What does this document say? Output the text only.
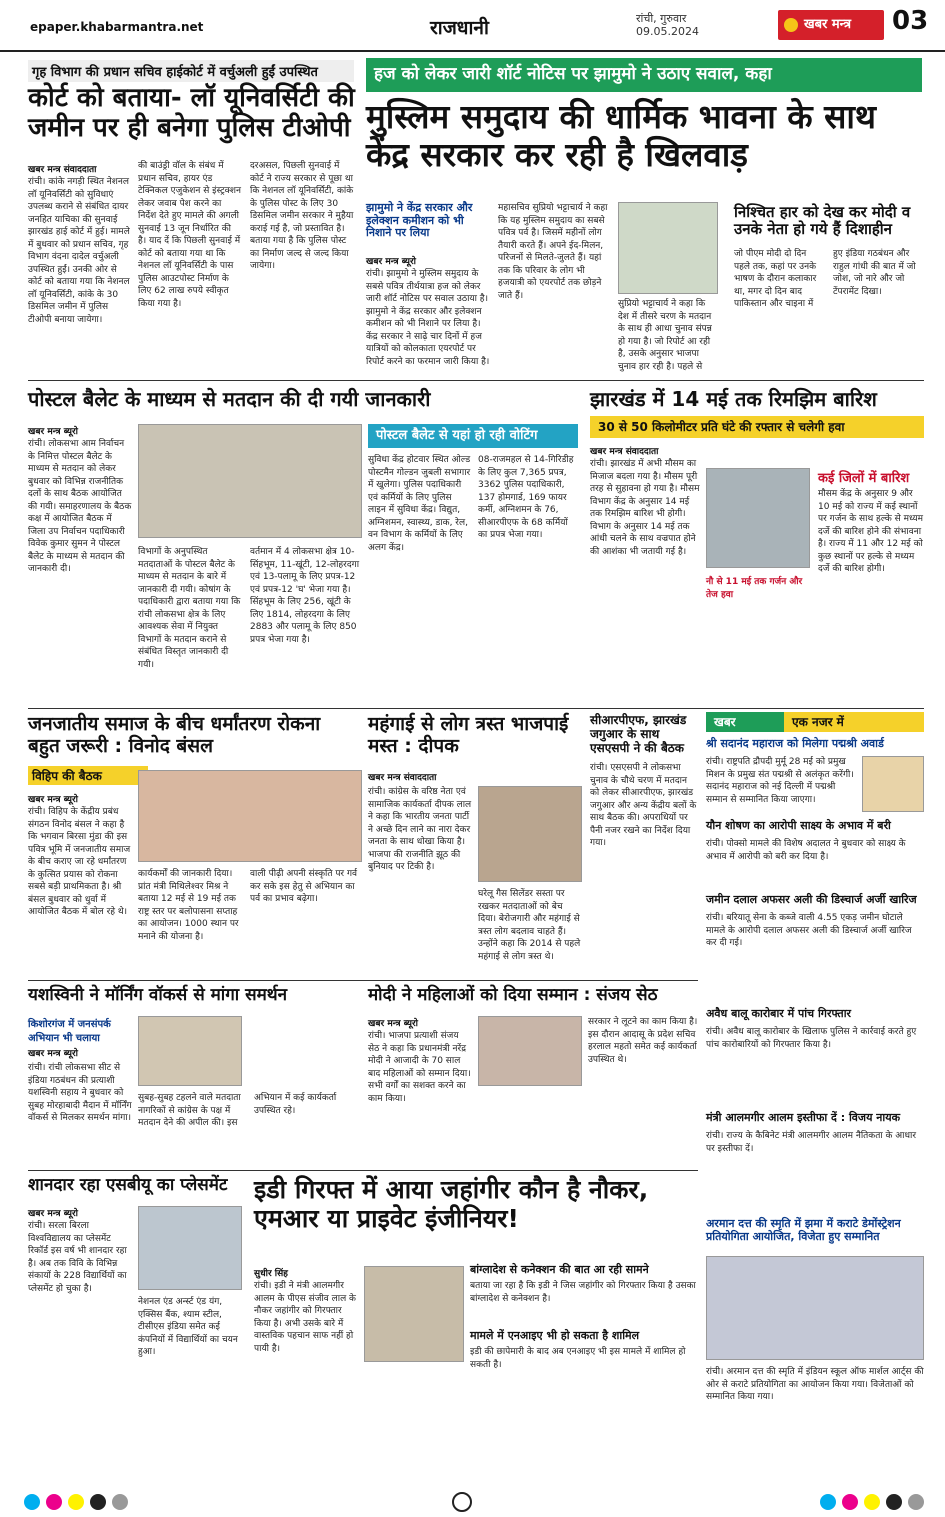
epaper.khabarmantra.net	राजधानी	रांची, गुरुवार
09.05.2024	खबर मन्त्र	03
गृह विभाग की प्रधान सचिव हाईकोर्ट में वर्चुअली हुईं उपस्थित
कोर्ट को बताया- लॉ यूनिवर्सिटी की जमीन पर ही बनेगा पुलिस टीओपी
खबर मन्त्र संवाददाता
रांची। कांके नगड़ी स्थित नेशनल लॉ यूनिवर्सिटी को सुविधाएं उपलब्ध कराने से संबंधित दायर जनहित याचिका की सुनवाई झारखंड हाई कोर्ट में हुई। मामले में बुधवार को प्रधान सचिव, गृह विभाग वंदना दादेल वर्चुअली उपस्थित हुईं। उनकी ओर से कोर्ट को बताया गया कि नेशनल लॉ यूनिवर्सिटी, कांके के 30 डिसमिल जमीन में पुलिस टीओपी बनाया जायेगा।
की बाउंड्री वॉल के संबंध में प्रधान सचिव, हायर एंड टेक्निकल एजुकेशन से इंस्ट्रक्शन लेकर जवाब पेश करने का निर्देश देते हुए मामले की अगली सुनवाई 13 जून निर्धारित की है। याद दें कि पिछली सुनवाई में कोर्ट को बताया गया था कि नेशनल लॉ यूनिवर्सिटी के पास पुलिस आउटपोस्ट निर्माण के लिए 62 लाख रुपये स्वीकृत किया गया है।
दरअसल, पिछली सुनवाई में कोर्ट ने राज्य सरकार से पूछा था कि नेशनल लॉ यूनिवर्सिटी, कांके के पुलिस पोस्ट के लिए 30 डिसमिल जमीन सरकार ने मुहैया कराई गई है, जो प्रस्तावित है। बताया गया है कि पुलिस पोस्ट का निर्माण जल्द से जल्द किया जायेगा।
हज को लेकर जारी शॉर्ट नोटिस पर झामुमो ने उठाए सवाल, कहा
मुस्लिम समुदाय की धार्मिक भावना के साथ केंद्र सरकार कर रही है खिलवाड़
झामुमो ने केंद्र सरकार और इलेक्शन कमीशन को भी निशाने पर लिया
खबर मन्त्र ब्यूरो
रांची। झामुमो ने मुस्लिम समुदाय के सबसे पवित्र तीर्थयात्रा हज को लेकर जारी शॉर्ट नोटिस पर सवाल उठाया है। झामुमो ने केंद्र सरकार और इलेक्शन कमीशन को भी निशाने पर लिया है। केंद्र सरकार ने साढ़े चार दिनों में हज यात्रियों को कोलकाता एयरपोर्ट पर रिपोर्ट करने का फरमान जारी किया है।
महासचिव सुप्रियो भट्टाचार्य ने कहा कि यह मुस्लिम समुदाय का सबसे पवित्र पर्व है। जिसमें महीनों लोग तैयारी करते हैं। अपने ईद-मिलन, परिजनों से मिलते-जुलते हैं। यहां तक कि परिवार के लोग भी हजयात्री को एयरपोर्ट तक छोड़ने जाते हैं।
निश्चित हार को देख कर मोदी व उनके नेता हो गये हैं दिशाहीन
सुप्रियो भट्टाचार्य ने कहा कि देश में तीसरे चरण के मतदान के साथ ही आधा चुनाव संपन्न हो गया है। जो रिपोर्ट आ रही है, उसके अनुसार भाजपा चुनाव हार रही है। पहले से
जो पीएम मोदी दो दिन पहले तक, कहां पर उनके भाषण के दौरान कलाकार था, मगर दो दिन बाद पाकिस्तान और चाइना में हुए इंडिया गठबंधन और राहुल गांधी की बात में जो जोश, जो नारे और जो टेंपरामेंट दिखा।
पोस्टल बैलेट के माध्यम से मतदान की दी गयी जानकारी
खबर मन्त्र ब्यूरो
रांची। लोकसभा आम निर्वाचन के निमित्त पोस्टल बैलेट के माध्यम से मतदान को लेकर बुधवार को विभिन्न राजनीतिक दलों के साथ बैठक आयोजित की गयी। समाहरणालय के बैठक कक्ष में आयोजित बैठक में जिला उप निर्वाचन पदाधिकारी विवेक कुमार सुमन ने पोस्टल बैलेट के माध्यम से मतदान की जानकारी दी।
विभागों के अनुपस्थित मतदाताओं के पोस्टल बैलेट के माध्यम से मतदान के बारे में जानकारी दी गयी। कोषांग के पदाधिकारी द्वारा बताया गया कि रांची लोकसभा क्षेत्र के लिए आवश्यक सेवा में नियुक्त विभागों के मतदान कराने से संबंधित विस्तृत जानकारी दी गयी।
वर्तमान में 4 लोकसभा क्षेत्र 10-सिंहभूम, 11-खूंटी, 12-लोहरदगा एवं 13-पलामू के लिए प्रपत्र-12 एवं प्रपत्र-12 'घ' भेजा गया है। सिंहभूम के लिए 256, खूंटी के लिए 1814, लोहरदगा के लिए 2883 और पलामू के लिए 850 प्रपत्र भेजा गया है।
पोस्टल बैलेट से यहां हो रही वोटिंग
सुविधा केंद्र होटवार स्थित ओल्ड पोस्टमैन गोल्डन जुबली सभागार में खुलेगा। पुलिस पदाधिकारी एवं कर्मियों के लिए पुलिस लाइन में सुविधा केंद्र। विद्युत, अग्निशमन, स्वास्थ्य, डाक, रेल, वन विभाग के कर्मियों के लिए अलग केंद्र।
08-राजमहल से 14-गिरिडीह के लिए कुल 7,365 प्रपत्र, 3362 पुलिस पदाधिकारी, 137 होमगार्ड, 169 फायर कर्मी, अग्निशमन के 76, सीआरपीएफ के 68 कर्मियों का प्रपत्र भेजा गया।
झारखंड में 14 मई तक रिमझिम बारिश
30 से 50 किलोमीटर प्रति घंटे की रफ्तार से चलेगी हवा
खबर मन्त्र संवाददाता
रांची। झारखंड में अभी मौसम का मिजाज बदला गया है। मौसम पूरी तरह से सुहावना हो गया है। मौसम विभाग केंद्र के अनुसार 14 मई तक रिमझिम बारिश भी होगी। विभाग के अनुसार 14 मई तक आंधी चलने के साथ वज्रपात होने की आशंका भी जतायी गई है।
कई जिलों में बारिश
मौसम केंद्र के अनुसार 9 और 10 मई को राज्य में कई स्थानों पर गर्जन के साथ हल्के से मध्यम दर्जे की बारिश होने की संभावना है। राज्य में 11 और 12 मई को कुछ स्थानों पर हल्के से मध्यम दर्जे की बारिश होगी।
नौ से 11 मई तक गर्जन और तेज हवा
जनजातीय समाज के बीच धर्मांतरण रोकना बहुत जरूरी : विनोद बंसल
विहिप की बैठक
खबर मन्त्र ब्यूरो
रांची। विहिप के केंद्रीय प्रबंध संगठन विनोद बंसल ने कहा है कि भगवान बिरसा मुंडा की इस पवित्र भूमि में जनजातीय समाज के बीच कराए जा रहे धर्मांतरण के कुत्सित प्रयास को रोकना सबसे बड़ी प्राथमिकता है। श्री बंसल बुधवार को धुर्वा में आयोजित बैठक में बोल रहे थे।
कार्यकर्मों की जानकारी दिया। प्रांत मंत्री मिथिलेश्वर मिश्र ने बताया 12 मई से 19 मई तक राष्ट्र स्तर पर बलोपासना सप्ताह का आयोजन। 1000 स्थान पर मनाने की योजना है।
वाली पीढ़ी अपनी संस्कृति पर गर्व कर सके इस हेतु से अभियान का पर्व का प्रभाव बढ़ेगा।
महंगाई से लोग त्रस्त भाजपाई मस्त : दीपक
खबर मन्त्र संवाददाता
रांची। कांग्रेस के वरिष्ठ नेता एवं सामाजिक कार्यकर्ता दीपक लाल ने कहा कि भारतीय जनता पार्टी ने अच्छे दिन लाने का नारा देकर जनता के साथ धोखा किया है। भाजपा की राजनीति झूठ की बुनियाद पर टिकी है।
घरेलू गैस सिलेंडर सस्ता पर रखकर मतदाताओं को बेच दिया। बेरोजगारी और महंगाई से त्रस्त लोग बदलाव चाहते हैं। उन्होंने कहा कि 2014 से पहले महंगाई से लोग त्रस्त थे।
सीआरपीएफ, झारखंड जगुआर के साथ एसएसपी ने की बैठक
रांची। एसएसपी ने लोकसभा चुनाव के चौथे चरण में मतदान को लेकर सीआरपीएफ, झारखंड जगुआर और अन्य केंद्रीय बलों के साथ बैठक की। अपराधियों पर पैनी नजर रखने का निर्देश दिया गया।
खबर	एक नजर में
श्री सदानंद महाराज को मिलेगा पद्मश्री अवार्ड
रांची। राष्ट्रपति द्रौपदी मुर्मू 28 मई को प्रमुख मिशन के प्रमुख संत पद्मश्री से अलंकृत करेंगी। सदानंद महाराज को नई दिल्ली में पद्मश्री सम्मान से सम्मानित किया जाएगा।
यौन शोषण का आरोपी साक्ष्य के अभाव में बरी
रांची। पोक्सो मामले की विशेष अदालत ने बुधवार को साक्ष्य के अभाव में आरोपी को बरी कर दिया है।
जमीन दलाल अफसर अली की डिस्चार्ज अर्जी खारिज
रांची। बरियातू सेना के कब्जे वाली 4.55 एकड़ जमीन घोटाले मामले के आरोपी दलाल अफसर अली की डिस्चार्ज अर्जी खारिज कर दी गई।
अवैध बालू कारोबार में पांच गिरफ्तार
रांची। अवैध बालू कारोबार के खिलाफ पुलिस ने कार्रवाई करते हुए पांच कारोबारियों को गिरफ्तार किया है।
मंत्री आलमगीर आलम इस्तीफा दें : विजय नायक
रांची। राज्य के कैबिनेट मंत्री आलमगीर आलम नैतिकता के आधार पर इस्तीफा दें।
अरमान दत्त की स्मृति में झमा में कराटे डेमोंस्ट्रेशन प्रतियोगिता आयोजित, विजेता हुए सम्मानित
रांची। अरमान दत्त की स्मृति में इंडियन स्कूल ऑफ मार्शल आर्ट्स की ओर से कराटे प्रतियोगिता का आयोजन किया गया। विजेताओं को सम्मानित किया गया।
यशस्विनी ने मॉर्निंग वॉकर्स से मांगा समर्थन
किशोरगंज में जनसंपर्क अभियान भी चलाया
खबर मन्त्र ब्यूरो
रांची। रांची लोकसभा सीट से इंडिया गठबंधन की प्रत्याशी यशस्विनी सहाय ने बुधवार को सुबह मोरहाबादी मैदान में मॉर्निंग वॉकर्स से मिलकर समर्थन मांगा।
सुबह-सुबह टहलने वाले मतदाता नागरिकों से कांग्रेस के पक्ष में मतदान देने की अपील की। इस अभियान में कई कार्यकर्ता उपस्थित रहे।
मोदी ने महिलाओं को दिया सम्मान : संजय सेठ
खबर मन्त्र ब्यूरो
रांची। भाजपा प्रत्याशी संजय सेठ ने कहा कि प्रधानमंत्री नरेंद्र मोदी ने आजादी के 70 साल बाद महिलाओं को सम्मान दिया। सभी वर्गों का सशक्त करने का काम किया।
सरकार ने लूटने का काम किया है। इस दौरान आदासू के प्रदेश सचिव हरलाल महतो समेत कई कार्यकर्ता उपस्थित थे।
शानदार रहा एसबीयू का प्लेसमेंट
खबर मन्त्र ब्यूरो
रांची। सरला बिरला विश्वविद्यालय का प्लेसमेंट रिकॉर्ड इस वर्ष भी शानदार रहा है। अब तक विवि के विभिन्न संकायों के 228 विद्यार्थियों का प्लेसमेंट हो चुका है।
नेशनल एंड अर्न्स्ट एंड यंग, एक्सिस बैंक, श्याम स्टील, टीसीएस इंडिया समेत कई कंपनियों में विद्यार्थियों का चयन हुआ।
इडी गिरफ्त में आया जहांगीर कौन है नौकर, एमआर या प्राइवेट इंजीनियर!
सुधीर सिंह
रांची। इडी ने मंत्री आलमगीर आलम के पीएस संजीव लाल के नौकर जहांगीर को गिरफ्तार किया है। अभी उसके बारे में वास्तविक पहचान साफ नहीं हो पायी है।
बांग्लादेश से कनेक्शन की बात आ रही सामने
बताया जा रहा है कि इडी ने जिस जहांगीर को गिरफ्तार किया है उसका बांग्लादेश से कनेक्शन है।
मामले में एनआइए भी हो सकता है शामिल
इडी की छापेमारी के बाद अब एनआइए भी इस मामले में शामिल हो सकती है।
